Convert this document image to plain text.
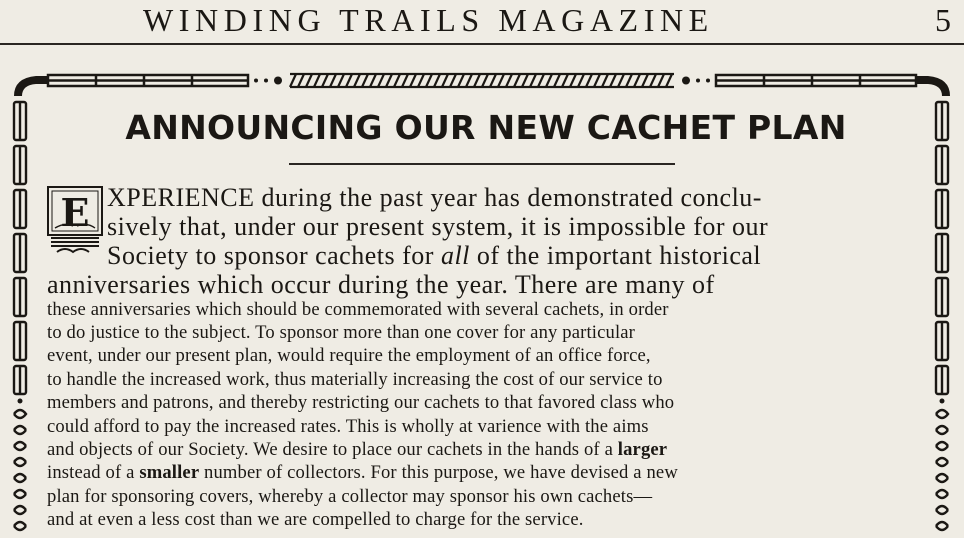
WINDING TRAILS MAGAZINE	5
ANNOUNCING OUR NEW CACHET PLAN
E XPERIENCE during the past year has demonstrated conclu-
sively that, under our present system, it is impossible for our
Society to sponsor cachets for all of the important historical
anniversaries which occur during the year. There are many of
these anniversaries which should be commemorated with several cachets, in order
to do justice to the subject. To sponsor more than one cover for any particular
event, under our present plan, would require the employment of an office force,
to handle the increased work, thus materially increasing the cost of our service to
members and patrons, and thereby restricting our cachets to that favored class who
could afford to pay the increased rates. This is wholly at varience with the aims
and objects of our Society. We desire to place our cachets in the hands of a larger
instead of a smaller number of collectors. For this purpose, we have devised a new
plan for sponsoring covers, whereby a collector may sponsor his own cachets—
and at even a less cost than we are compelled to charge for the service.
